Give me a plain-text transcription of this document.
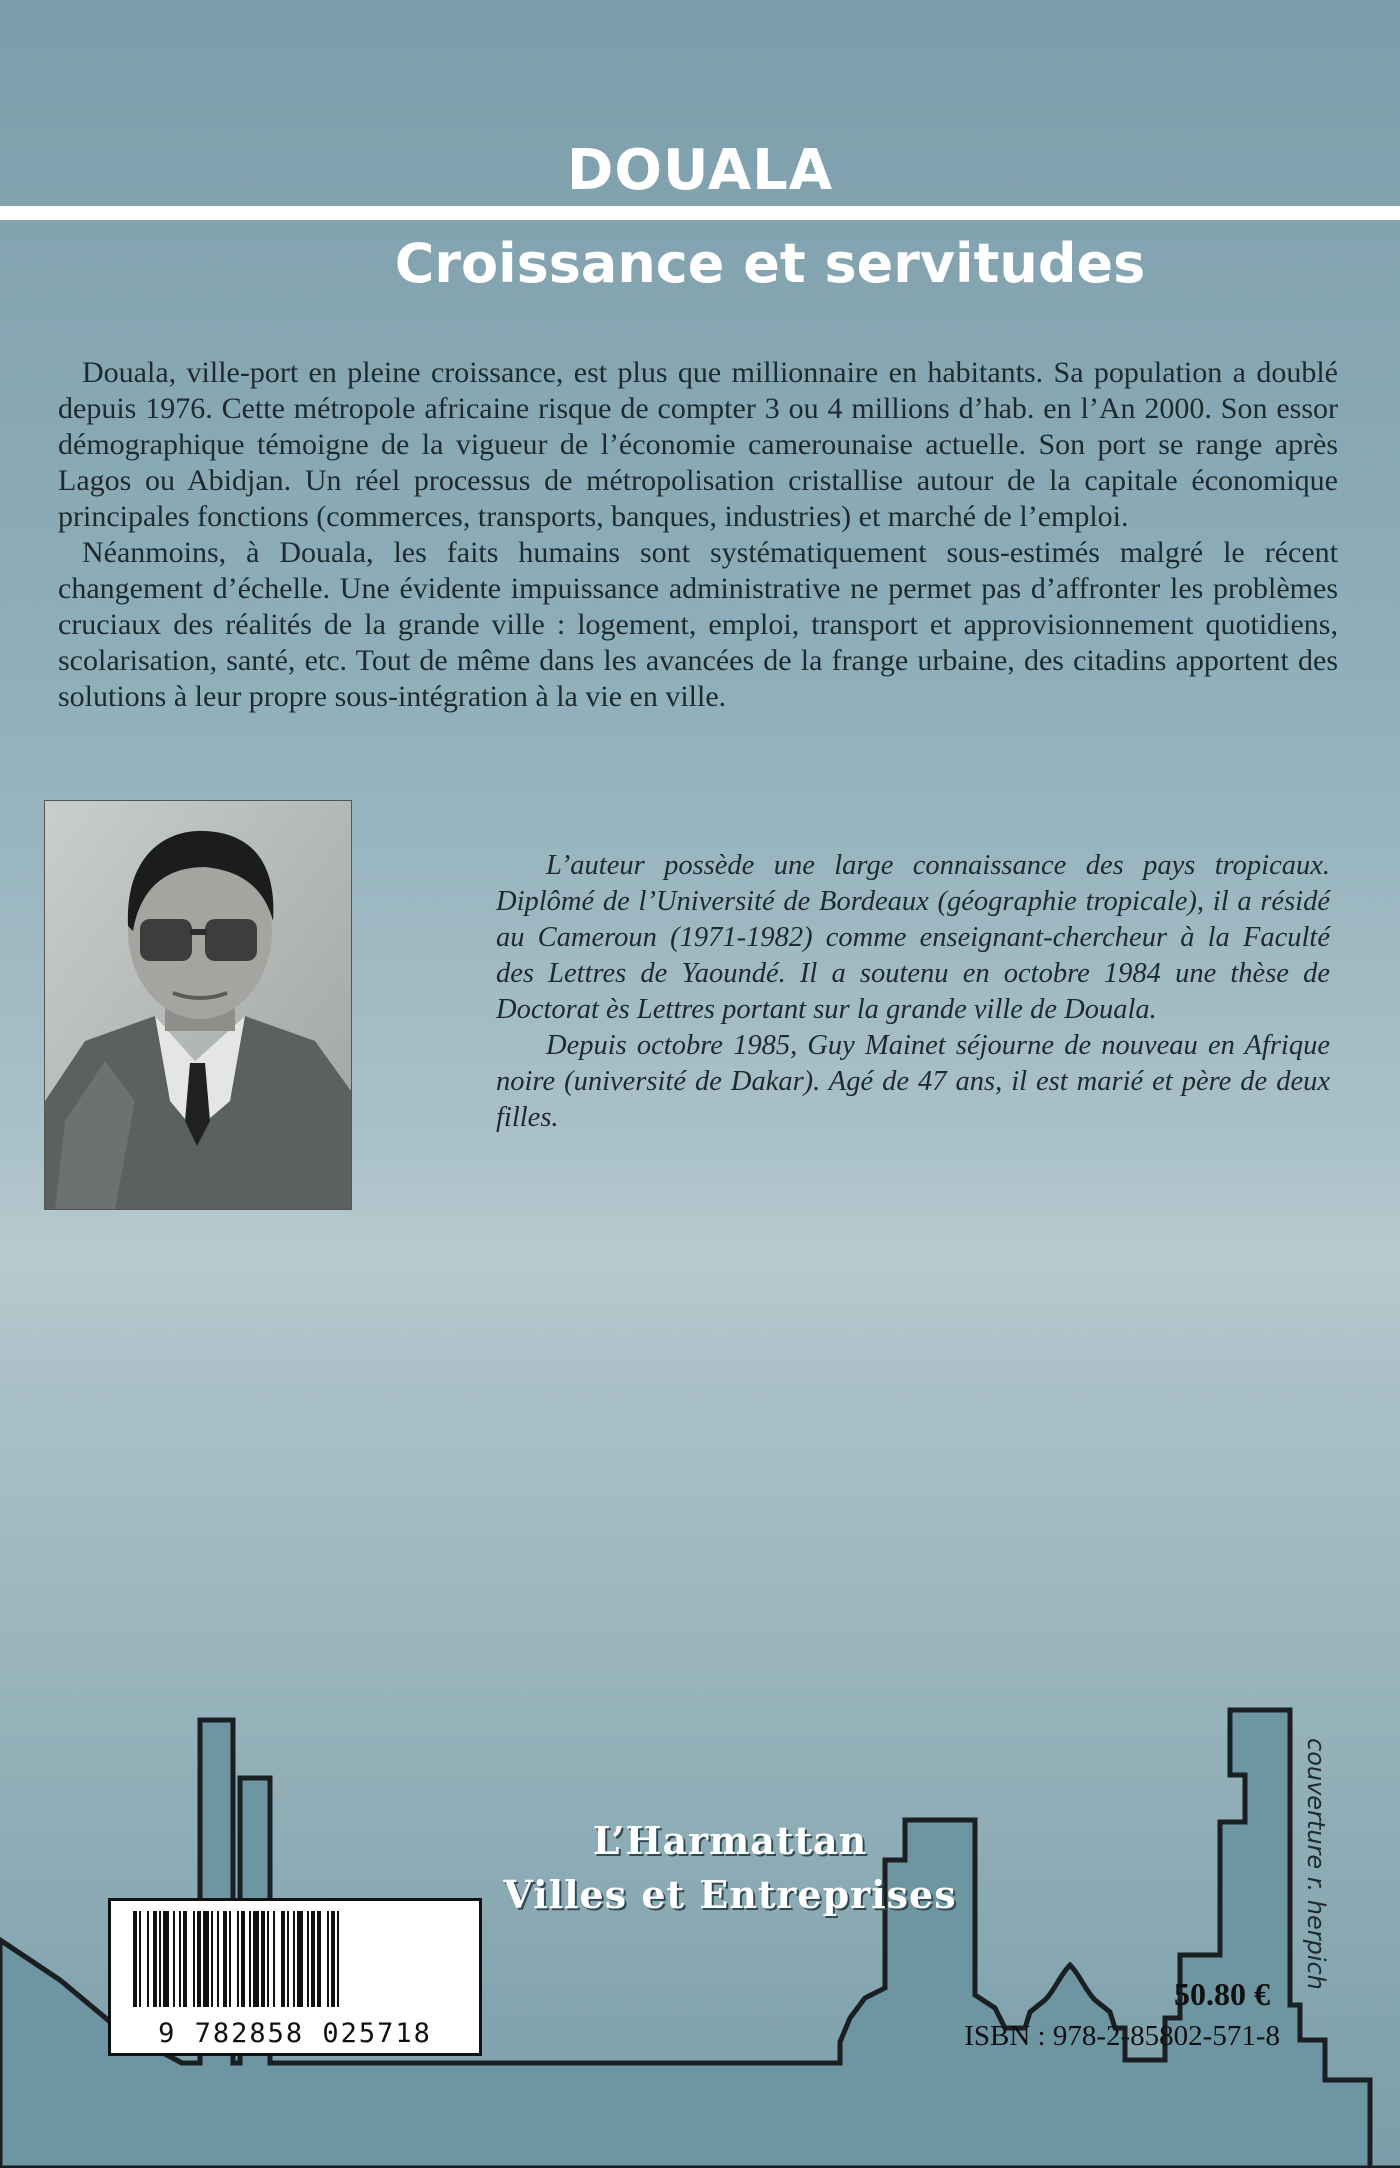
DOUALA
Croissance et servitudes

Douala, ville-port en pleine croissance, est plus que millionnaire en habitants. Sa population a doublé depuis 1976. Cette métropole africaine risque de compter 3 ou 4 millions d’hab. en l’An 2000. Son essor démographique témoigne de la vigueur de l’économie camerounaise actuelle. Son port se range après Lagos ou Abidjan. Un réel processus de métropolisation cristallise autour de la capitale économique principales fonctions (commerces, transports, banques, industries) et marché de l’emploi.

Néanmoins, à Douala, les faits humains sont systématiquement sous-estimés malgré le récent changement d’échelle. Une évidente impuissance administrative ne permet pas d’affronter les problèmes cruciaux des réalités de la grande ville : logement, emploi, transport et approvisionnement quotidiens, scolarisation, santé, etc. Tout de même dans les avancées de la frange urbaine, des citadins apportent des solutions à leur propre sous-intégration à la vie en ville.

L’auteur possède une large connaissance des pays tropicaux. Diplômé de l’Université de Bordeaux (géographie tropicale), il a résidé au Cameroun (1971-1982) comme enseignant-chercheur à la Faculté des Lettres de Yaoundé. Il a soutenu en octobre 1984 une thèse de Doctorat ès Lettres portant sur la grande ville de Douala.

Depuis octobre 1985, Guy Mainet séjourne de nouveau en Afrique noire (université de Dakar). Agé de 47 ans, il est marié et père de deux filles.

L’Harmattan
Villes et Entreprises	couverture r. herpich
9 782858 025718
50.80 €
ISBN : 978-2-85802-571-8
